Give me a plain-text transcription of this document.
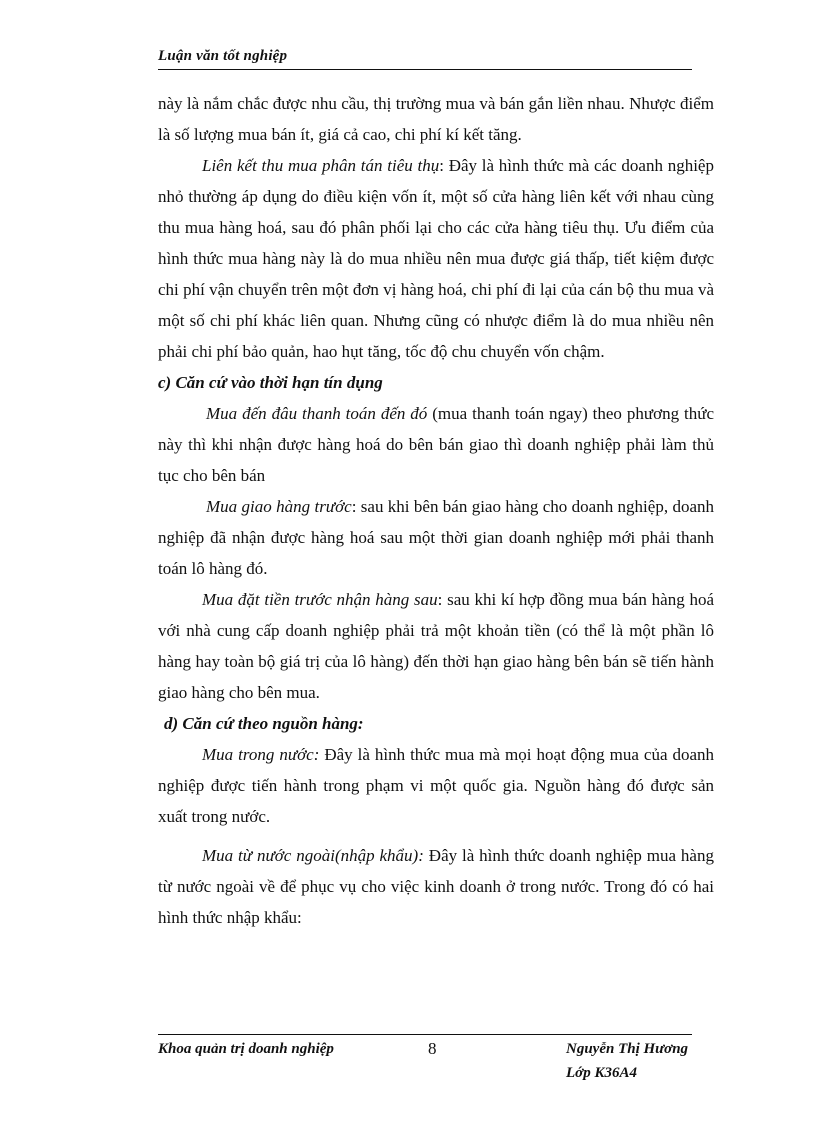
Luận văn tốt nghiệp

này là nắm chắc được nhu cầu, thị trường mua và bán gắn liền nhau. Nhược điểm là số lượng mua bán ít, giá cả cao, chi phí kí kết tăng.

Liên kết thu mua phân tán tiêu thụ: Đây là hình thức mà các doanh nghiệp nhỏ thường áp dụng do điều kiện vốn ít, một số cửa hàng liên kết với nhau cùng thu mua hàng hoá, sau đó phân phối lại cho các cửa hàng tiêu thụ. Ưu điểm của hình thức mua hàng này là do mua nhiều nên mua được giá thấp, tiết kiệm được chi phí vận chuyển trên một đơn vị hàng hoá, chi phí đi lại của cán bộ thu mua và một số chi phí khác liên quan. Nhưng cũng có nhược điểm là do mua nhiều nên phải chi phí bảo quản, hao hụt tăng, tốc độ chu chuyển vốn chậm.

c) Căn cứ vào thời hạn tín dụng

Mua đến đâu thanh toán đến đó (mua thanh toán ngay) theo phương thức này thì khi nhận được hàng hoá do bên bán giao thì doanh nghiệp phải làm thủ tục cho bên bán

Mua giao hàng trước: sau khi bên bán giao hàng cho doanh nghiệp, doanh nghiệp đã nhận được hàng hoá sau một thời gian doanh nghiệp mới phải thanh toán lô hàng đó.

Mua đặt tiền trước nhận hàng sau: sau khi kí hợp đồng mua bán hàng hoá với nhà cung cấp doanh nghiệp phải trả một khoản tiền (có thể là một phần lô hàng hay toàn bộ giá trị của lô hàng) đến thời hạn giao hàng bên bán sẽ tiến hành giao hàng cho bên mua.

d) Căn cứ theo nguồn hàng:

Mua trong nước: Đây là hình thức mua mà mọi hoạt động mua của doanh nghiệp được tiến hành trong phạm vi một quốc gia. Nguồn hàng đó được sản xuất trong nước.

Mua từ nước ngoài(nhập khẩu): Đây là hình thức doanh nghiệp mua hàng từ nước ngoài về để phục vụ cho việc kinh doanh ở trong nước. Trong đó có hai hình thức nhập khẩu:

Khoa quản trị doanh nghiệp	8	Nguyễn Thị Hương
Lớp K36A4
